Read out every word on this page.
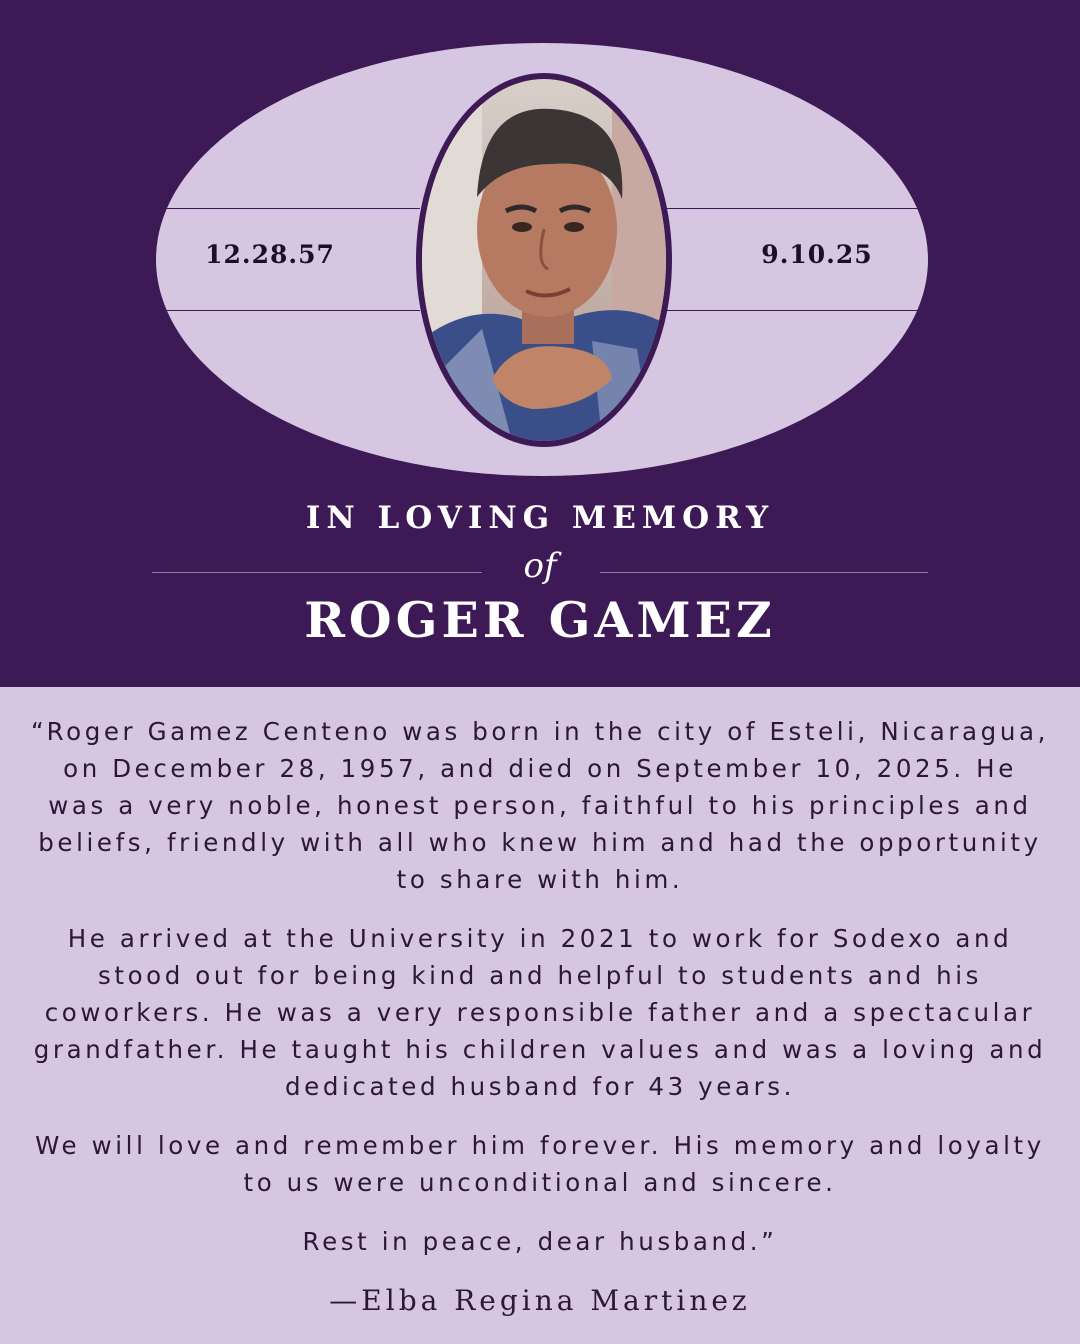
12.28.57	9.10.25
IN LOVING MEMORY
of
ROGER GAMEZ

“Roger Gamez Centeno was born in the city of Esteli, Nicaragua, on December 28, 1957, and died on September 10, 2025. He was a very noble, honest person, faithful to his principles and beliefs, friendly with all who knew him and had the opportunity to share with him.

He arrived at the University in 2021 to work for Sodexo and stood out for being kind and helpful to students and his coworkers. He was a very responsible father and a spectacular grandfather. He taught his children values and was a loving and dedicated husband for 43 years.

We will love and remember him forever. His memory and loyalty to us were unconditional and sincere.

Rest in peace, dear husband.”

—Elba Regina Martinez
